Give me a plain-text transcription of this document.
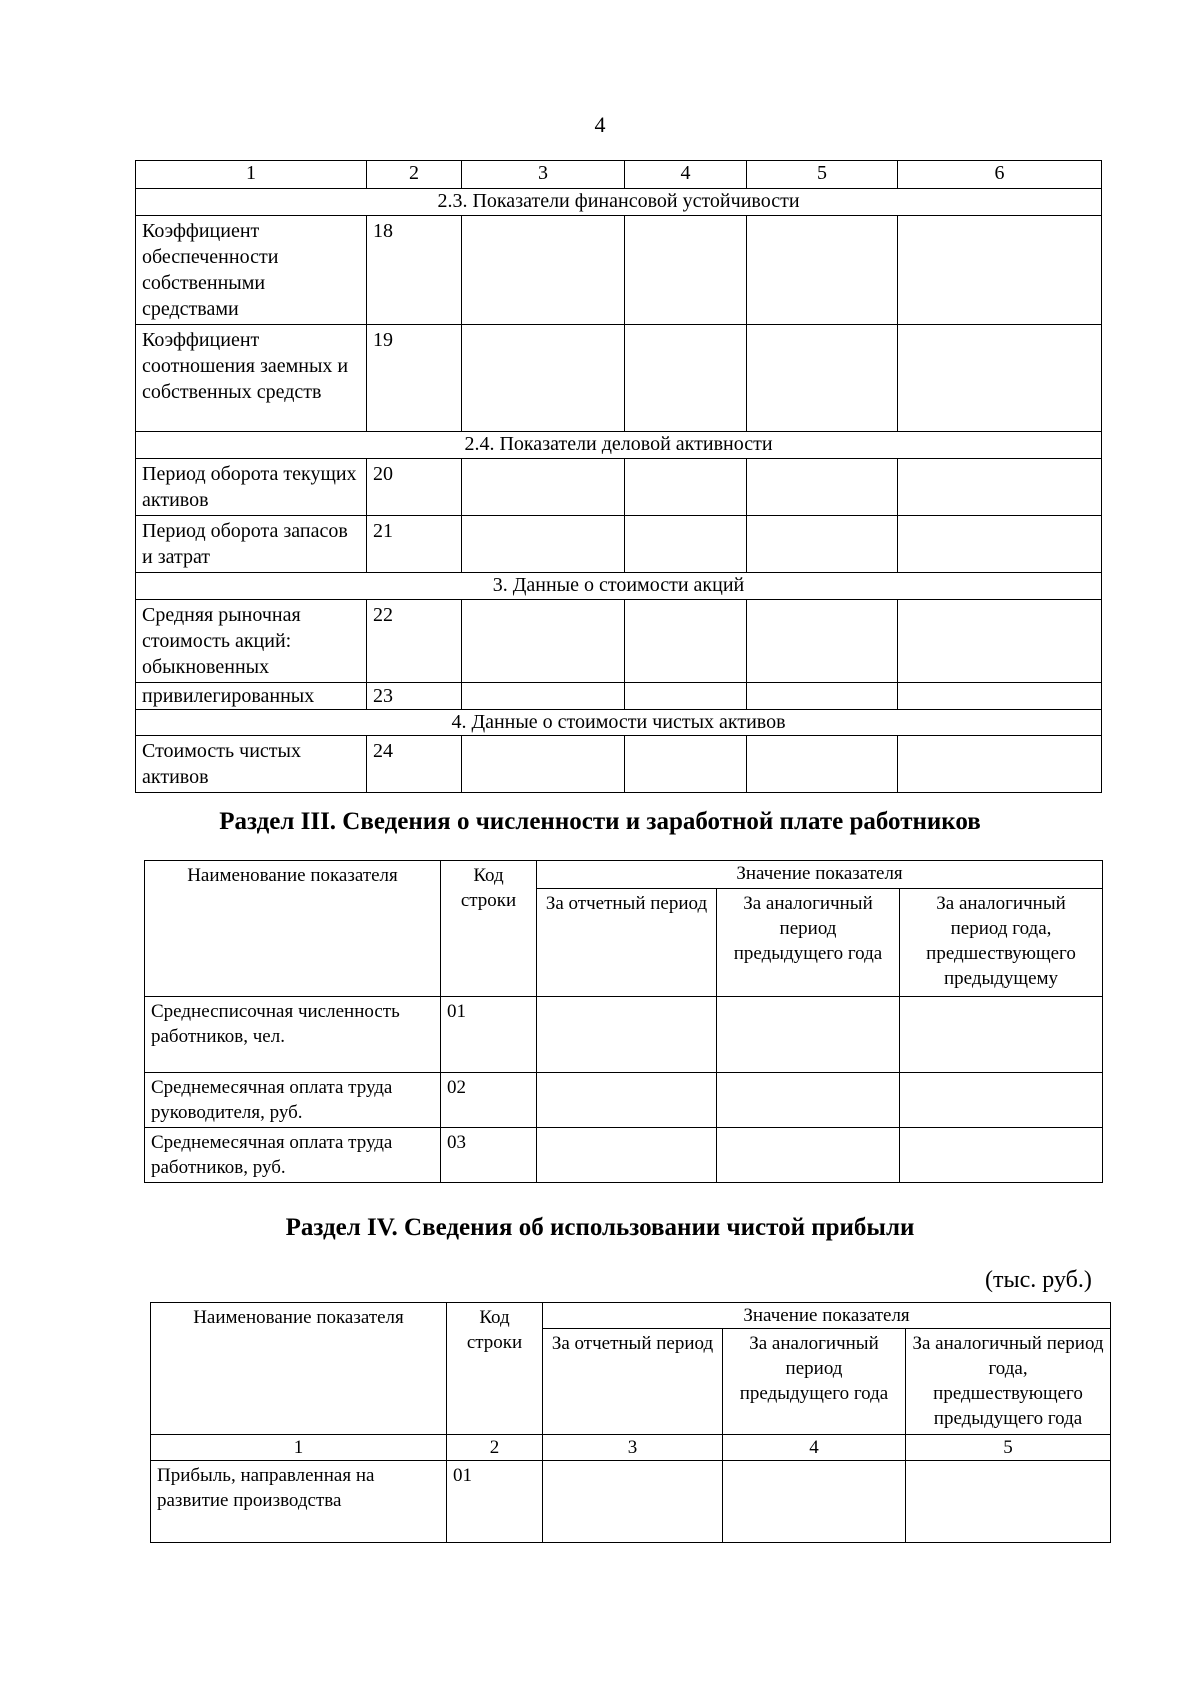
4
1	2	3	4	5	6
2.3. Показатели финансовой устойчивости					
Коэффициент обеспеченности собственными средствами	18				
Коэффициент соотношения заемных и собственных средств	19				
2.4. Показатели деловой активности					
Период оборота текущих активов	20				
Период оборота запасов и затрат	21				
3. Данные о стоимости акций					
Средняя рыночная стоимость акций: обыкновенных	22				
привилегированных	23				
4. Данные о стоимости чистых активов					
Стоимость чистых активов	24				
Раздел III. Сведения о численности и заработной плате работников
Наименование показателя	Код строки	Значение показателя		
		За отчетный период	За аналогичный период предыдущего года	За аналогичный период года, предшествующего предыдущему
Среднесписочная численность работников, чел.	01			
Среднемесячная оплата труда руководителя, руб.	02			
Среднемесячная оплата труда работников, руб.	03			
Раздел IV. Сведения об использовании чистой прибыли
(тыс. руб.)
Наименование показателя	Код строки	Значение показателя		
		За отчетный период	За аналогичный период предыдущего года	За аналогичный период года, предшествующего предыдущего года
1	2	3	4	5
Прибыль, направленная на развитие производства	01			
